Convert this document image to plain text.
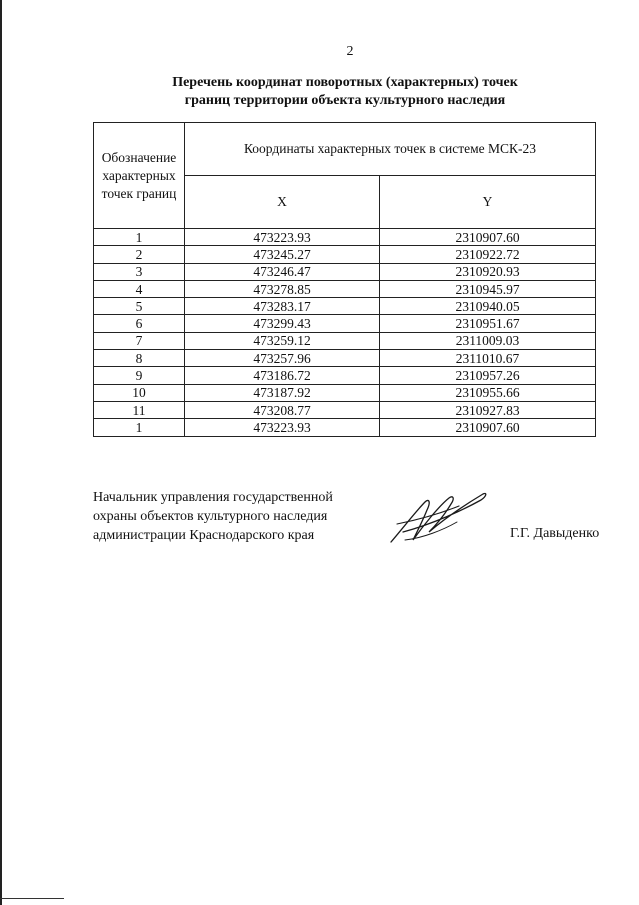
2
Перечень координат поворотных (характерных) точек
границ территории объекта культурного наследия
Обозначение
характерных
точек границ	Координаты характерных точек в системе МСК-23	
	X	Y
1	473223.93	2310907.60
2	473245.27	2310922.72
3	473246.47	2310920.93
4	473278.85	2310945.97
5	473283.17	2310940.05
6	473299.43	2310951.67
7	473259.12	2311009.03
8	473257.96	2311010.67
9	473186.72	2310957.26
10	473187.92	2310955.66
11	473208.77	2310927.83
1	473223.93	2310907.60
Начальник управления государственной
охраны объектов культурного наследия
администрации Краснодарского края	Г.Г. Давыденко
